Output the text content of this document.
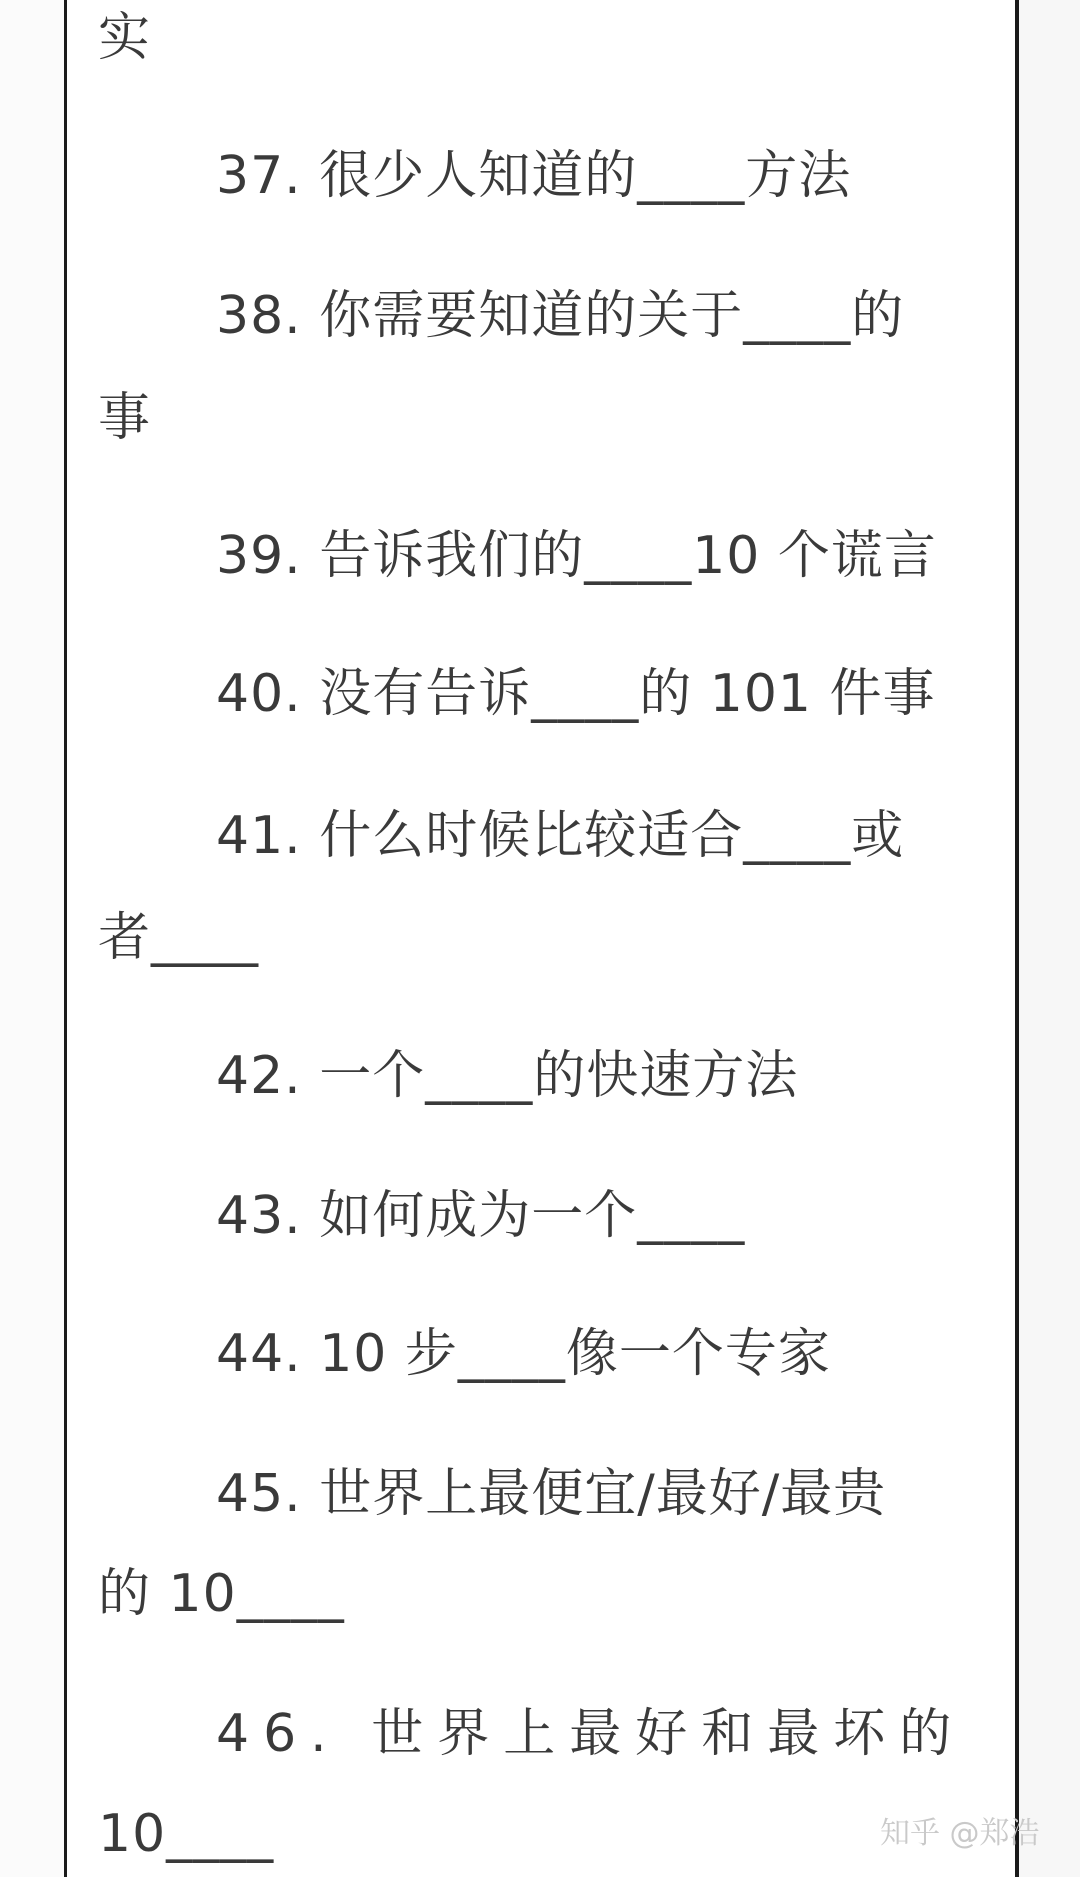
实
37. 很少人知道的____方法
38. 你需要知道的关于____的
事
39. 告诉我们的____10 个谎言
40. 没有告诉____的 101 件事
41. 什么时候比较适合____或
者____
42. 一个____的快速方法
43. 如何成为一个____
44. 10 步____像一个专家
45. 世界上最便宜/最好/最贵
的 10____
46. 世界上最好和最坏的
10____	知乎 @郑浩
